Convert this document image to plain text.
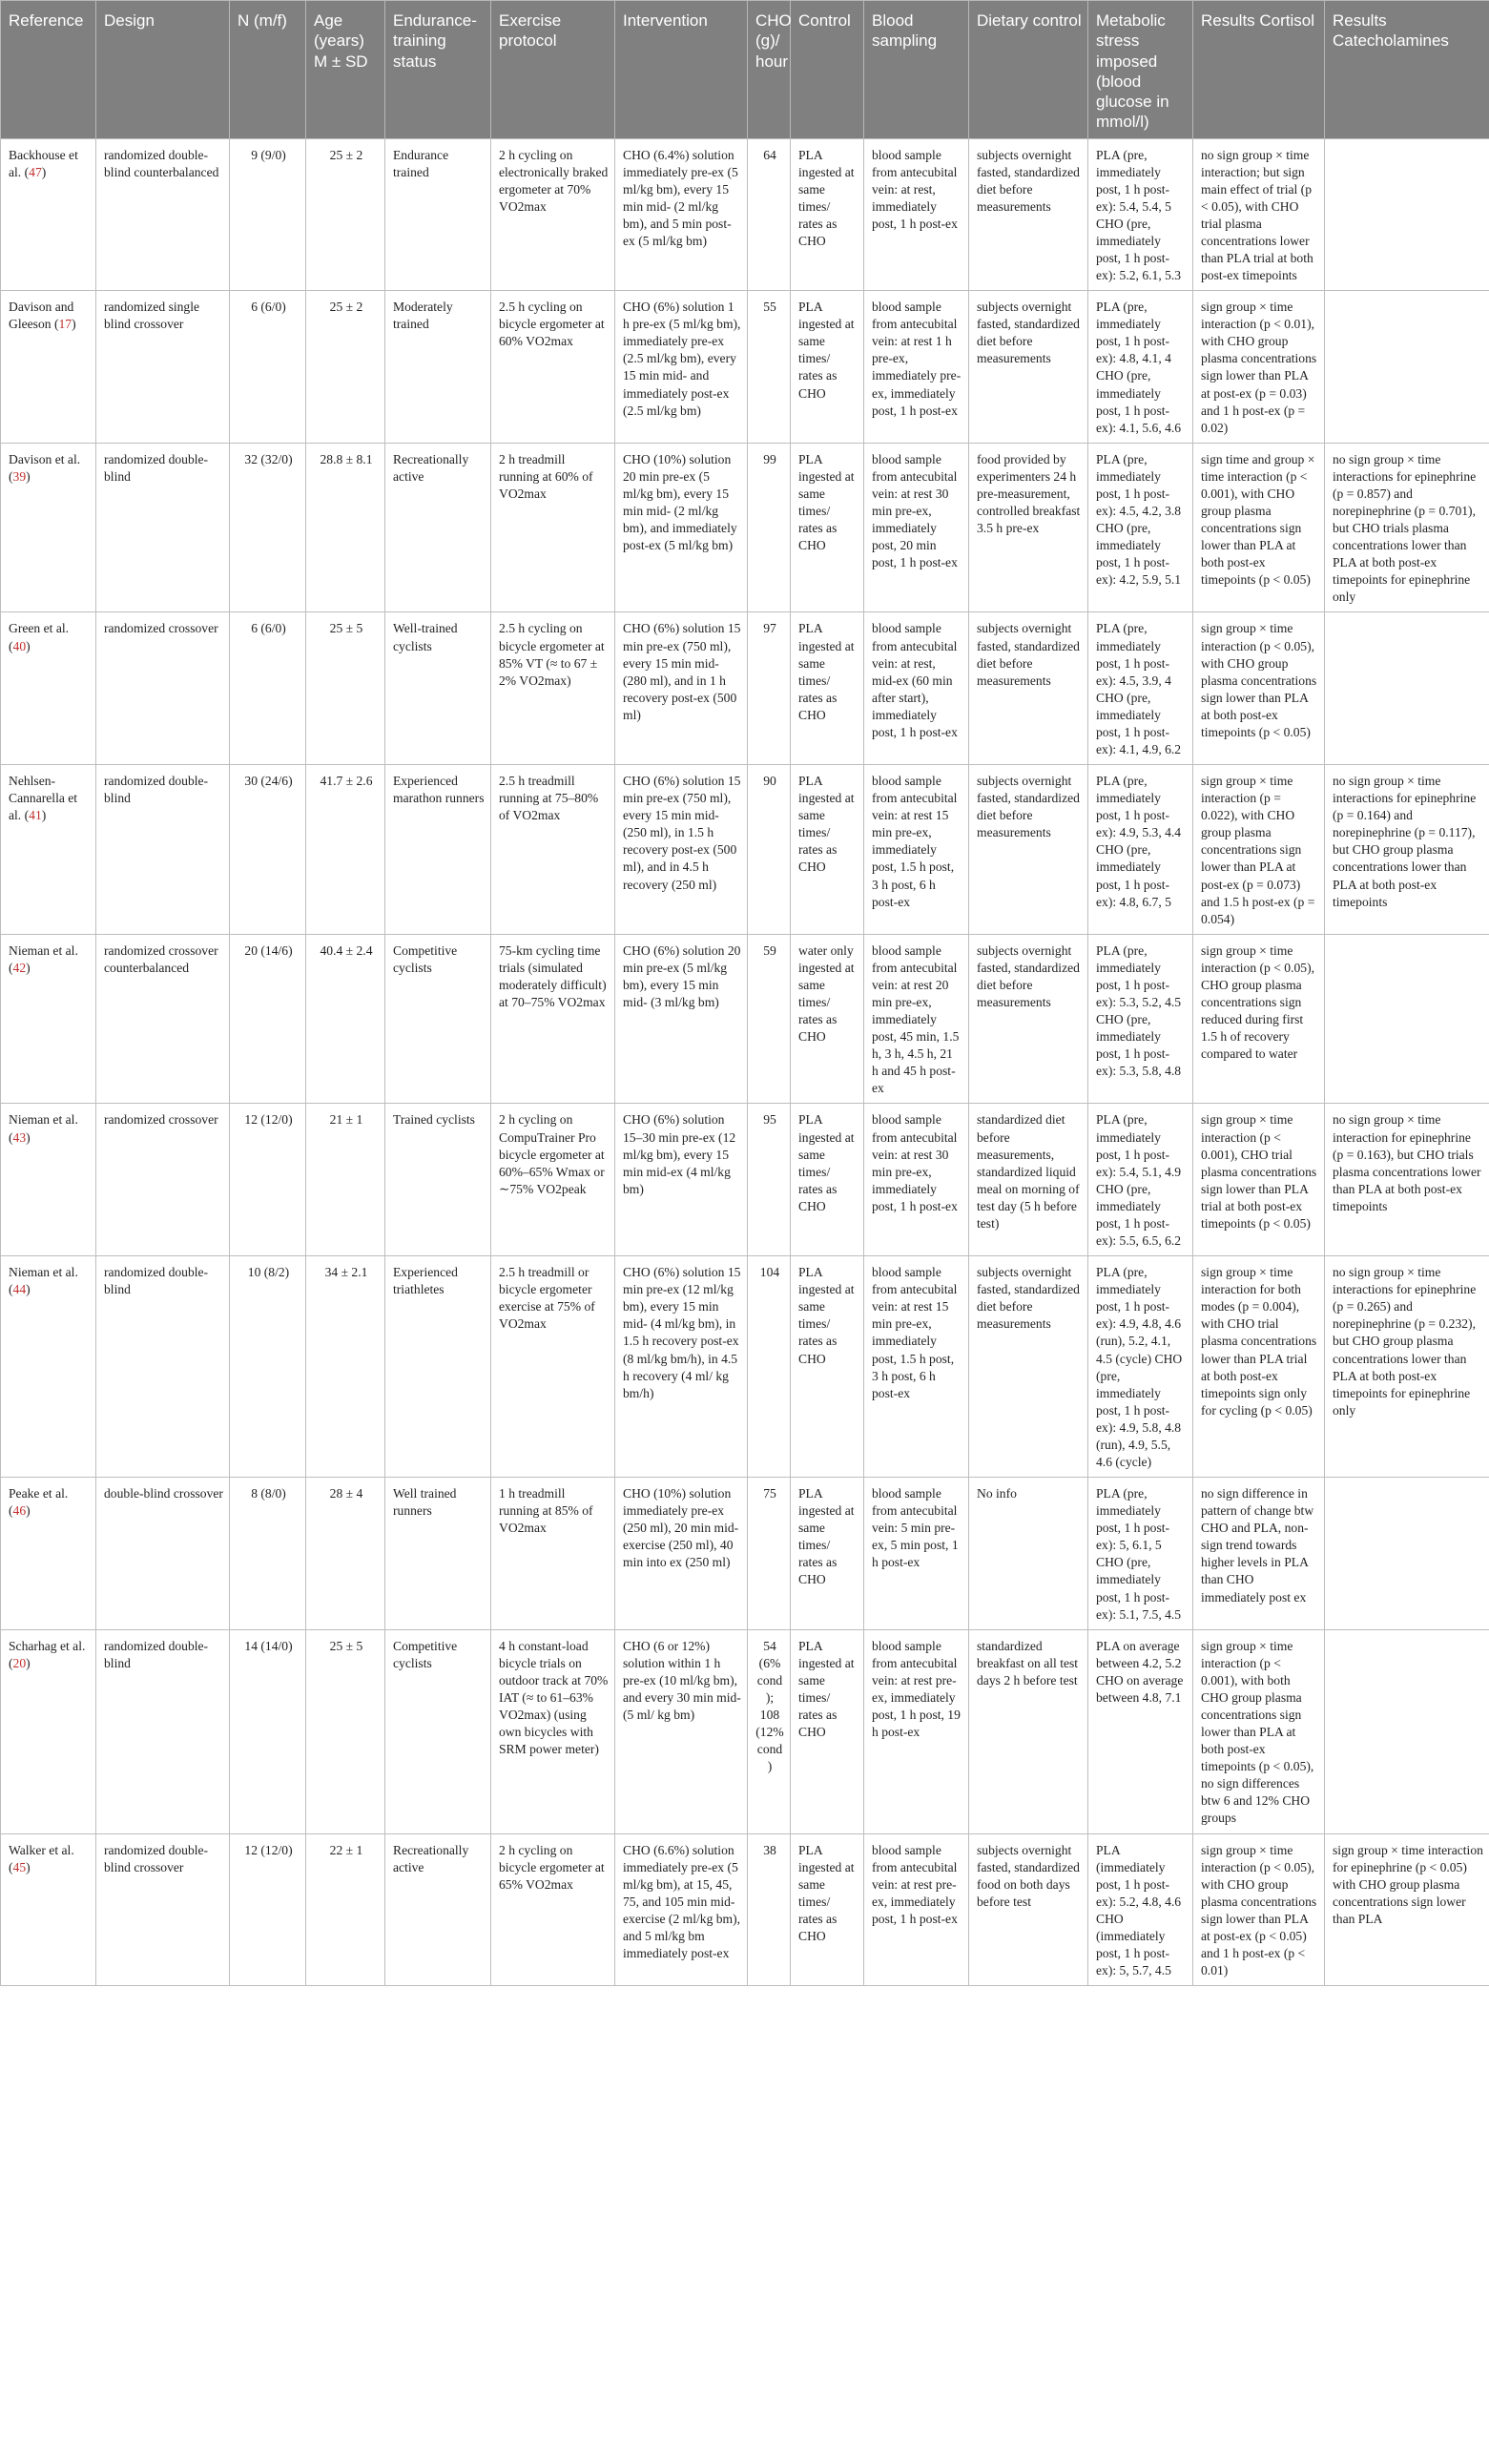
Reference	Design	N (m/f)	Age (years) M ± SD	Endurance-training status	Exercise protocol	Intervention	CHO (g)/ hour	Control	Blood sampling	Dietary control	Metabolic stress imposed (blood glucose in mmol/l)	Results Cortisol	Results Catecholamines
Backhouse et al. (47)	randomized double-blind counterbalanced	9 (9/0)	25 ± 2	Endurance trained	2 h cycling on electronically braked ergometer at 70% VO2max	CHO (6.4%) solution immediately pre-ex (5 ml/kg bm), every 15 min mid- (2 ml/kg bm), and 5 min post-ex (5 ml/kg bm)	64	PLA ingested at same times/ rates as CHO	blood sample from antecubital vein: at rest, immediately post, 1 h post-ex	subjects overnight fasted, standardized diet before measurements	PLA (pre, immediately post, 1 h post-ex): 5.4, 5.4, 5 CHO (pre, immediately post, 1 h post-ex): 5.2, 6.1, 5.3	no sign group × time interaction; but sign main effect of trial (p < 0.05), with CHO trial plasma concentrations lower than PLA trial at both post-ex timepoints	
Davison and Gleeson (17)	randomized single blind crossover	6 (6/0)	25 ± 2	Moderately trained	2.5 h cycling on bicycle ergometer at 60% VO2max	CHO (6%) solution 1 h pre-ex (5 ml/kg bm), immediately pre-ex (2.5 ml/kg bm), every 15 min mid- and immediately post-ex (2.5 ml/kg bm)	55	PLA ingested at same times/ rates as CHO	blood sample from antecubital vein: at rest 1 h pre-ex, immediately pre-ex, immediately post, 1 h post-ex	subjects overnight fasted, standardized diet before measurements	PLA (pre, immediately post, 1 h post-ex): 4.8, 4.1, 4 CHO (pre, immediately post, 1 h post-ex): 4.1, 5.6, 4.6	sign group × time interaction (p < 0.01), with CHO group plasma concentrations sign lower than PLA at post-ex (p = 0.03) and 1 h post-ex (p = 0.02)	
Davison et al. (39)	randomized double-blind	32 (32/0)	28.8 ± 8.1	Recreationally active	2 h treadmill running at 60% of VO2max	CHO (10%) solution 20 min pre-ex (5 ml/kg bm), every 15 min mid- (2 ml/kg bm), and immediately post-ex (5 ml/kg bm)	99	PLA ingested at same times/ rates as CHO	blood sample from antecubital vein: at rest 30 min pre-ex, immediately post, 20 min post, 1 h post-ex	food provided by experimenters 24 h pre-measurement, controlled breakfast 3.5 h pre-ex	PLA (pre, immediately post, 1 h post-ex): 4.5, 4.2, 3.8 CHO (pre, immediately post, 1 h post-ex): 4.2, 5.9, 5.1	sign time and group × time interaction (p < 0.001), with CHO group plasma concentrations sign lower than PLA at both post-ex timepoints (p < 0.05)	no sign group × time interactions for epinephrine (p = 0.857) and norepinephrine (p = 0.701), but CHO trials plasma concentrations lower than PLA at both post-ex timepoints for epinephrine only
Green et al. (40)	randomized crossover	6 (6/0)	25 ± 5	Well-trained cyclists	2.5 h cycling on bicycle ergometer at 85% VT (≈ to 67 ± 2% VO2max)	CHO (6%) solution 15 min pre-ex (750 ml), every 15 min mid- (280 ml), and in 1 h recovery post-ex (500 ml)	97	PLA ingested at same times/ rates as CHO	blood sample from antecubital vein: at rest, mid-ex (60 min after start), immediately post, 1 h post-ex	subjects overnight fasted, standardized diet before measurements	PLA (pre, immediately post, 1 h post-ex): 4.5, 3.9, 4 CHO (pre, immediately post, 1 h post-ex): 4.1, 4.9, 6.2	sign group × time interaction (p < 0.05), with CHO group plasma concentrations sign lower than PLA at both post-ex timepoints (p < 0.05)	
Nehlsen-Cannarella et al. (41)	randomized double-blind	30 (24/6)	41.7 ± 2.6	Experienced marathon runners	2.5 h treadmill running at 75–80% of VO2max	CHO (6%) solution 15 min pre-ex (750 ml), every 15 min mid- (250 ml), in 1.5 h recovery post-ex (500 ml), and in 4.5 h recovery (250 ml)	90	PLA ingested at same times/ rates as CHO	blood sample from antecubital vein: at rest 15 min pre-ex, immediately post, 1.5 h post, 3 h post, 6 h post-ex	subjects overnight fasted, standardized diet before measurements	PLA (pre, immediately post, 1 h post-ex): 4.9, 5.3, 4.4 CHO (pre, immediately post, 1 h post-ex): 4.8, 6.7, 5	sign group × time interaction (p = 0.022), with CHO group plasma concentrations sign lower than PLA at post-ex (p = 0.073) and 1.5 h post-ex (p = 0.054)	no sign group × time interactions for epinephrine (p = 0.164) and norepinephrine (p = 0.117), but CHO group plasma concentrations lower than PLA at both post-ex timepoints
Nieman et al. (42)	randomized crossover counterbalanced	20 (14/6)	40.4 ± 2.4	Competitive cyclists	75-km cycling time trials (simulated moderately difficult) at 70–75% VO2max	CHO (6%) solution 20 min pre-ex (5 ml/kg bm), every 15 min mid- (3 ml/kg bm)	59	water only ingested at same times/ rates as CHO	blood sample from antecubital vein: at rest 20 min pre-ex, immediately post, 45 min, 1.5 h, 3 h, 4.5 h, 21 h and 45 h post-ex	subjects overnight fasted, standardized diet before measurements	PLA (pre, immediately post, 1 h post-ex): 5.3, 5.2, 4.5 CHO (pre, immediately post, 1 h post-ex): 5.3, 5.8, 4.8	sign group × time interaction (p < 0.05), CHO group plasma concentrations sign reduced during first 1.5 h of recovery compared to water	
Nieman et al. (43)	randomized crossover	12 (12/0)	21 ± 1	Trained cyclists	2 h cycling on CompuTrainer Pro bicycle ergometer at 60%–65% Wmax or ∼75% VO2peak	CHO (6%) solution 15–30 min pre-ex (12 ml/kg bm), every 15 min mid-ex (4 ml/kg bm)	95	PLA ingested at same times/ rates as CHO	blood sample from antecubital vein: at rest 30 min pre-ex, immediately post, 1 h post-ex	standardized diet before measurements, standardized liquid meal on morning of test day (5 h before test)	PLA (pre, immediately post, 1 h post-ex): 5.4, 5.1, 4.9 CHO (pre, immediately post, 1 h post-ex): 5.5, 6.5, 6.2	sign group × time interaction (p < 0.001), CHO trial plasma concentrations sign lower than PLA trial at both post-ex timepoints (p < 0.05)	no sign group × time interaction for epinephrine (p = 0.163), but CHO trials plasma concentrations lower than PLA at both post-ex timepoints
Nieman et al. (44)	randomized double-blind	10 (8/2)	34 ± 2.1	Experienced triathletes	2.5 h treadmill or bicycle ergometer exercise at 75% of VO2max	CHO (6%) solution 15 min pre-ex (12 ml/kg bm), every 15 min mid- (4 ml/kg bm), in 1.5 h recovery post-ex (8 ml/kg bm/h), in 4.5 h recovery (4 ml/ kg bm/h)	104	PLA ingested at same times/ rates as CHO	blood sample from antecubital vein: at rest 15 min pre-ex, immediately post, 1.5 h post, 3 h post, 6 h post-ex	subjects overnight fasted, standardized diet before measurements	PLA (pre, immediately post, 1 h post-ex): 4.9, 4.8, 4.6 (run), 5.2, 4.1, 4.5 (cycle) CHO (pre, immediately post, 1 h post-ex): 4.9, 5.8, 4.8 (run), 4.9, 5.5, 4.6 (cycle)	sign group × time interaction for both modes (p = 0.004), with CHO trial plasma concentrations lower than PLA trial at both post-ex timepoints sign only for cycling (p < 0.05)	no sign group × time interactions for epinephrine (p = 0.265) and norepinephrine (p = 0.232), but CHO group plasma concentrations lower than PLA at both post-ex timepoints for epinephrine only
Peake et al. (46)	double-blind crossover	8 (8/0)	28 ± 4	Well trained runners	1 h treadmill running at 85% of VO2max	CHO (10%) solution immediately pre-ex (250 ml), 20 min mid- exercise (250 ml), 40 min into ex (250 ml)	75	PLA ingested at same times/ rates as CHO	blood sample from antecubital vein: 5 min pre-ex, 5 min post, 1 h post-ex	No info	PLA (pre, immediately post, 1 h post-ex): 5, 6.1, 5 CHO (pre, immediately post, 1 h post-ex): 5.1, 7.5, 4.5	no sign difference in pattern of change btw CHO and PLA, non-sign trend towards higher levels in PLA than CHO immediately post ex	
Scharhag et al. (20)	randomized double-blind	14 (14/0)	25 ± 5	Competitive cyclists	4 h constant-load bicycle trials on outdoor track at 70% IAT (≈ to 61–63% VO2max) (using own bicycles with SRM power meter)	CHO (6 or 12%) solution within 1 h pre-ex (10 ml/kg bm), and every 30 min mid- (5 ml/ kg bm)	54 (6% cond); 108 (12% cond)	PLA ingested at same times/ rates as CHO	blood sample from antecubital vein: at rest pre-ex, immediately post, 1 h post, 19 h post-ex	standardized breakfast on all test days 2 h before test	PLA on average between 4.2, 5.2 CHO on average between 4.8, 7.1	sign group × time interaction (p < 0.001), with both CHO group plasma concentrations sign lower than PLA at both post-ex timepoints (p < 0.05), no sign differences btw 6 and 12% CHO groups	
Walker et al. (45)	randomized double-blind crossover	12 (12/0)	22 ± 1	Recreationally active	2 h cycling on bicycle ergometer at 65% VO2max	CHO (6.6%) solution immediately pre-ex (5 ml/kg bm), at 15, 45, 75, and 105 min mid-exercise (2 ml/kg bm), and 5 ml/kg bm immediately post-ex	38	PLA ingested at same times/ rates as CHO	blood sample from antecubital vein: at rest pre-ex, immediately post, 1 h post-ex	subjects overnight fasted, standardized food on both days before test	PLA (immediately post, 1 h post-ex): 5.2, 4.8, 4.6 CHO (immediately post, 1 h post-ex): 5, 5.7, 4.5	sign group × time interaction (p < 0.05), with CHO group plasma concentrations sign lower than PLA at post-ex (p < 0.05) and 1 h post-ex (p < 0.01)	sign group × time interaction for epinephrine (p < 0.05) with CHO group plasma concentrations sign lower than PLA
